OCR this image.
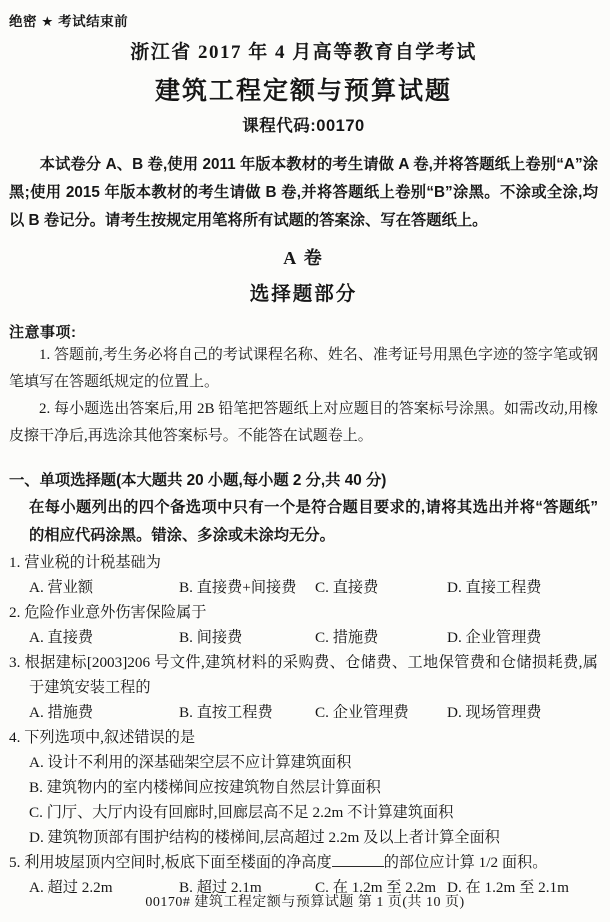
绝密 ★ 考试结束前
浙江省 2017 年 4 月高等教育自学考试
建筑工程定额与预算试题
课程代码:00170

本试卷分 A、B 卷,使用 2011 年版本教材的考生请做 A 卷,并将答题纸上卷别“A”涂黑;使用 2015 年版本教材的考生请做 B 卷,并将答题纸上卷别“B”涂黑。不涂或全涂,均以 B 卷记分。请考生按规定用笔将所有试题的答案涂、写在答题纸上。

A 卷
选择题部分
注意事项:

1. 答题前,考生务必将自己的考试课程名称、姓名、准考证号用黑色字迹的签字笔或钢笔填写在答题纸规定的位置上。

2. 每小题选出答案后,用 2B 铅笔把答题纸上对应题目的答案标号涂黑。如需改动,用橡皮擦干净后,再选涂其他答案标号。不能答在试题卷上。

一、单项选择题(本大题共 20 小题,每小题 2 分,共 40 分)
在每小题列出的四个备选项中只有一个是符合题目要求的,请将其选出并将“答题纸”的相应代码涂黑。错涂、多涂或未涂均无分。

1. 营业税的计税基础为

A. 营业额	B. 直接费+间接费	C. 直接费	D. 直接工程费

2. 危险作业意外伤害保险属于

A. 直接费	B. 间接费	C. 措施费	D. 企业管理费

3. 根据建标[2003]206 号文件,建筑材料的采购费、仓储费、工地保管费和仓储损耗费,属于建筑安装工程的

A. 措施费	B. 直按工程费	C. 企业管理费	D. 现场管理费

4. 下列选项中,叙述错误的是

A. 设计不利用的深基础架空层不应计算建筑面积
B. 建筑物内的室内楼梯间应按建筑物自然层计算面积
C. 门厅、大厅内设有回廊时,回廊层高不足 2.2m 不计算建筑面积
D. 建筑物顶部有围护结构的楼梯间,层高超过 2.2m 及以上者计算全面积

5. 利用坡屋顶内空间时,板底下面至楼面的净高度	的部位应计算 1/2 面积。

A. 超过 2.2m	B. 超过 2.1m	C. 在 1.2m 至 2.2m D. 在 1.2m 至 2.1m
00170# 建筑工程定额与预算试题 第 1 页(共 10 页)
